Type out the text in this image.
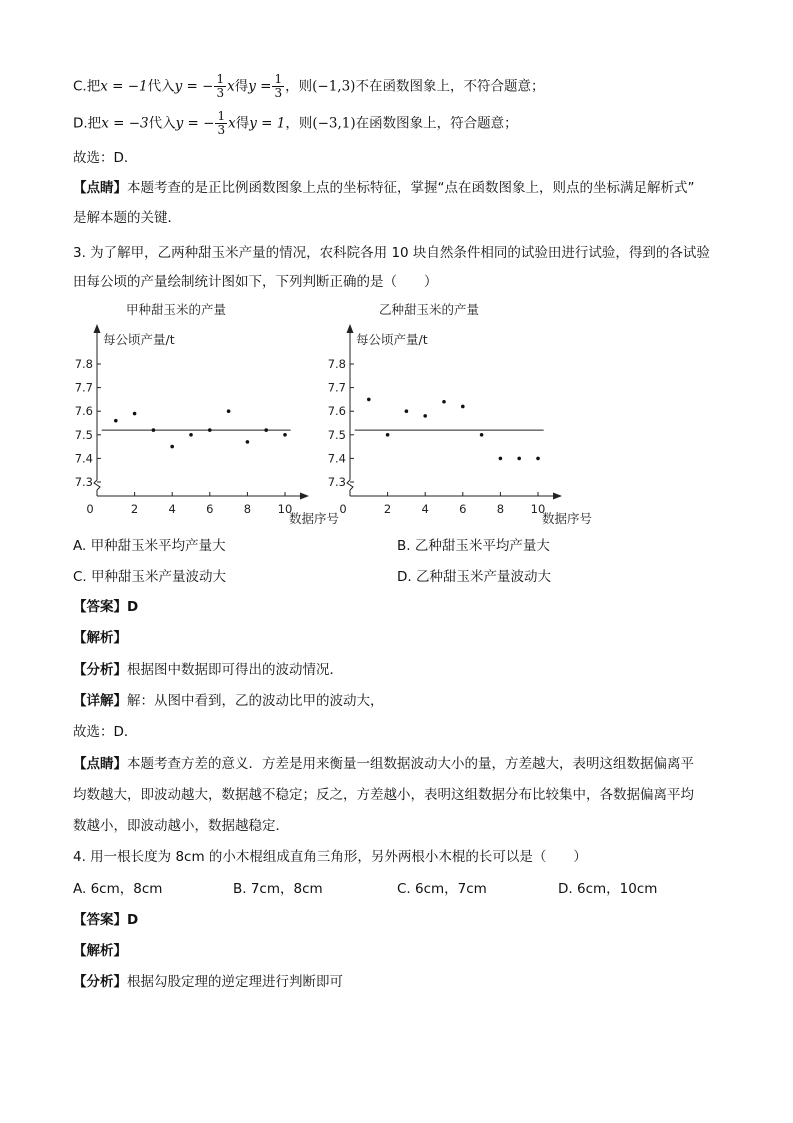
C.把x = −1代入y = − $\frac{1}{3}$ x得$y = \frac{1}{3}$ ，则(−1,3)不在函数图象上，不符合题意；
D.把x = −3代入y = − $\frac{1}{3}$ x得y = 1，则(−3,1)在函数图象上，符合题意；
故选：D．
【点睛】本题考查的是正比例函数图象上点的坐标特征，掌握“点在函数图象上，则点的坐标满足解析式”
是解本题的关键．
3. 为了解甲，乙两种甜玉米产量的情况，农科院各用 10 块自然条件相同的试验田进行试验，得到的各试验
田每公顷的产量绘制统计图如下，下列判断正确的是（　　）
甲种甜玉米的产量
每公顷产量/t
数据序号
7.3
7.4
7.5
7.6
7.7
7.8
0	2	4	6	8 10
乙种甜玉米的产量
每公顷产量/t
数据序号
7.3
7.4
7.5
7.6
7.7
7.8
0	2	4	6	8 10
A. 甲种甜玉米平均产量大	B. 乙种甜玉米平均产量大
C. 甲种甜玉米产量波动大	D. 乙种甜玉米产量波动大
【答案】D
【解析】
【分析】根据图中数据即可得出的波动情况．
【详解】解：从图中看到，乙的波动比甲的波动大，
故选：D．
【点睛】本题考查方差的意义．方差是用来衡量一组数据波动大小的量，方差越大，表明这组数据偏离平
均数越大，即波动越大，数据越不稳定；反之，方差越小，表明这组数据分布比较集中，各数据偏离平均
数越小，即波动越小，数据越稳定．
4. 用一根长度为 8cm 的小木棍组成直角三角形，另外两根小木棍的长可以是（　　）
A. 6cm，8cm	B. 7cm，8cm	C. 6cm，7cm	D. 6cm，10cm
【答案】D
【解析】
【分析】根据勾股定理的逆定理进行判断即可
